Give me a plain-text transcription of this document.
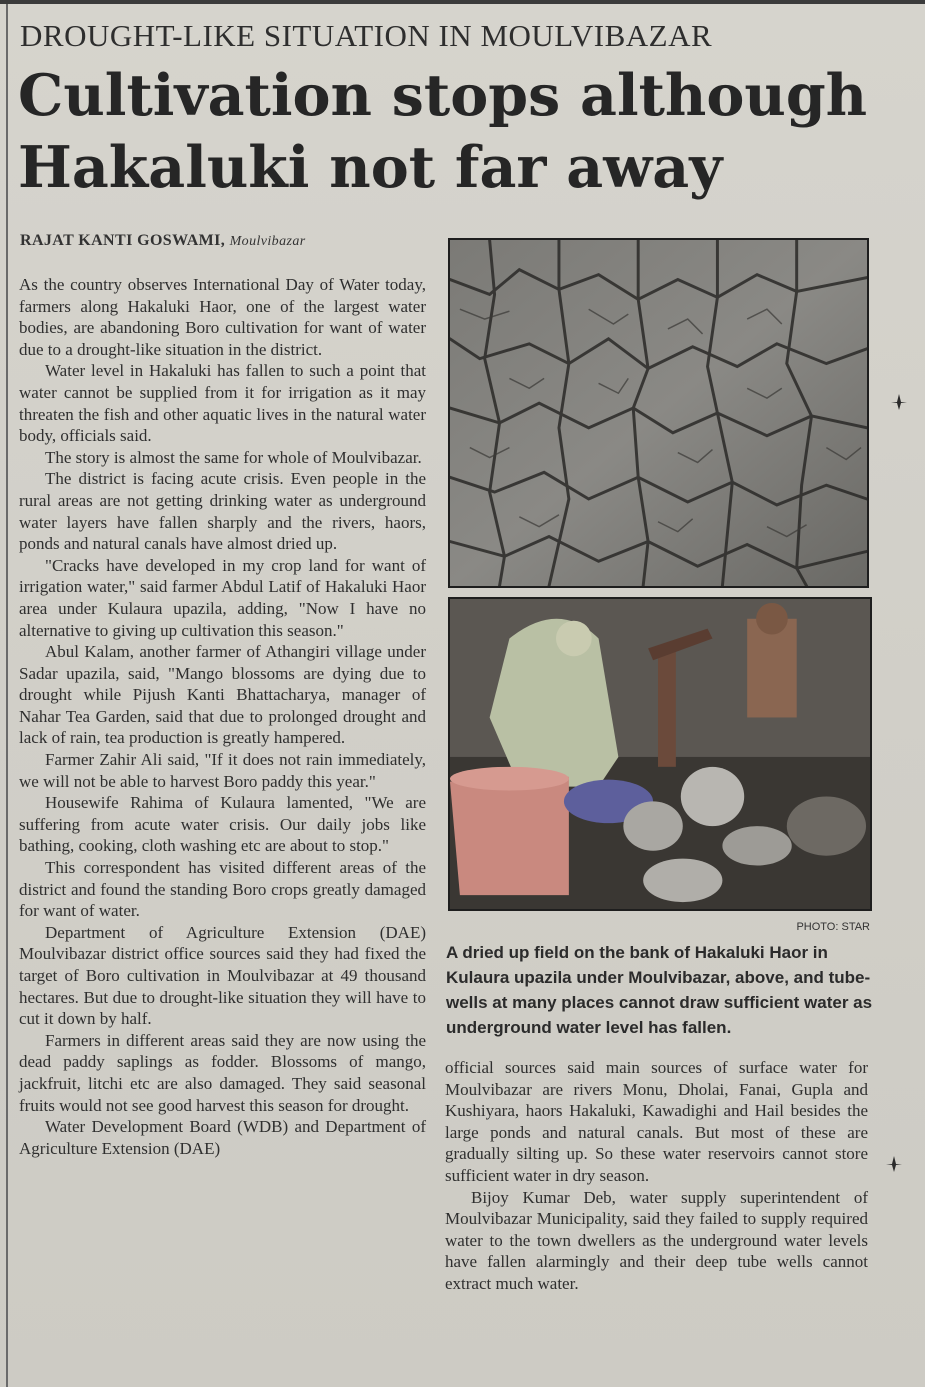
DROUGHT-LIKE SITUATION IN MOULVIBAZAR
Cultivation stops although
Hakaluki not far away
RAJAT KANTI GOSWAMI, Moulvibazar

As the country observes International Day of Water today, farmers along Hakaluki Haor, one of the largest water bodies, are abandoning Boro cultivation for want of water due to a drought-like situation in the district.

Water level in Hakaluki has fallen to such a point that water cannot be supplied from it for irrigation as it may threaten the fish and other aquatic lives in the natural water body, officials said.

The story is almost the same for whole of Moulvibazar.

The district is facing acute crisis. Even people in the rural areas are not getting drinking water as underground water layers have fallen sharply and the rivers, haors, ponds and natural canals have almost dried up.

"Cracks have developed in my crop land for want of irrigation water," said farmer Abdul Latif of Hakaluki Haor area under Kulaura upazila, adding, "Now I have no alternative to giving up cultivation this season."

Abul Kalam, another farmer of Athangiri village under Sadar upazila, said, "Mango blossoms are dying due to drought while Pijush Kanti Bhattacharya, manager of Nahar Tea Garden, said that due to prolonged drought and lack of rain, tea production is greatly hampered.

Farmer Zahir Ali said, "If it does not rain immediately, we will not be able to harvest Boro paddy this year."

Housewife Rahima of Kulaura lamented, "We are suffering from acute water crisis. Our daily jobs like bathing, cooking, cloth washing etc are about to stop."

This correspondent has visited different areas of the district and found the standing Boro crops greatly damaged for want of water.

Department of Agriculture Extension (DAE) Moulvibazar district office sources said they had fixed the target of Boro cultivation in Moulvibazar at 49 thousand hectares. But due to drought-like situation they will have to cut it down by half.

Farmers in different areas said they are now using the dead paddy saplings as fodder. Blossoms of mango, jackfruit, litchi etc are also damaged. They said seasonal fruits would not see good harvest this season for drought.

Water Development Board (WDB) and Department of Agriculture Extension (DAE)

PHOTO: STAR
A dried up field on the bank of Hakaluki Haor in Kulaura upazila under Moulvibazar, above, and tube-wells at many places cannot draw sufficient water as underground water level has fallen.

official sources said main sources of surface water for Moulvibazar are rivers Monu, Dholai, Fanai, Gupla and Kushiyara, haors Hakaluki, Kawadighi and Hail besides the large ponds and natural canals. But most of these are gradually silting up. So these water reservoirs cannot store sufficient water in dry season.

Bijoy Kumar Deb, water supply superintendent of Moulvibazar Municipality, said they failed to supply required water to the town dwellers as the underground water levels have fallen alarmingly and their deep tube wells cannot extract much water.
